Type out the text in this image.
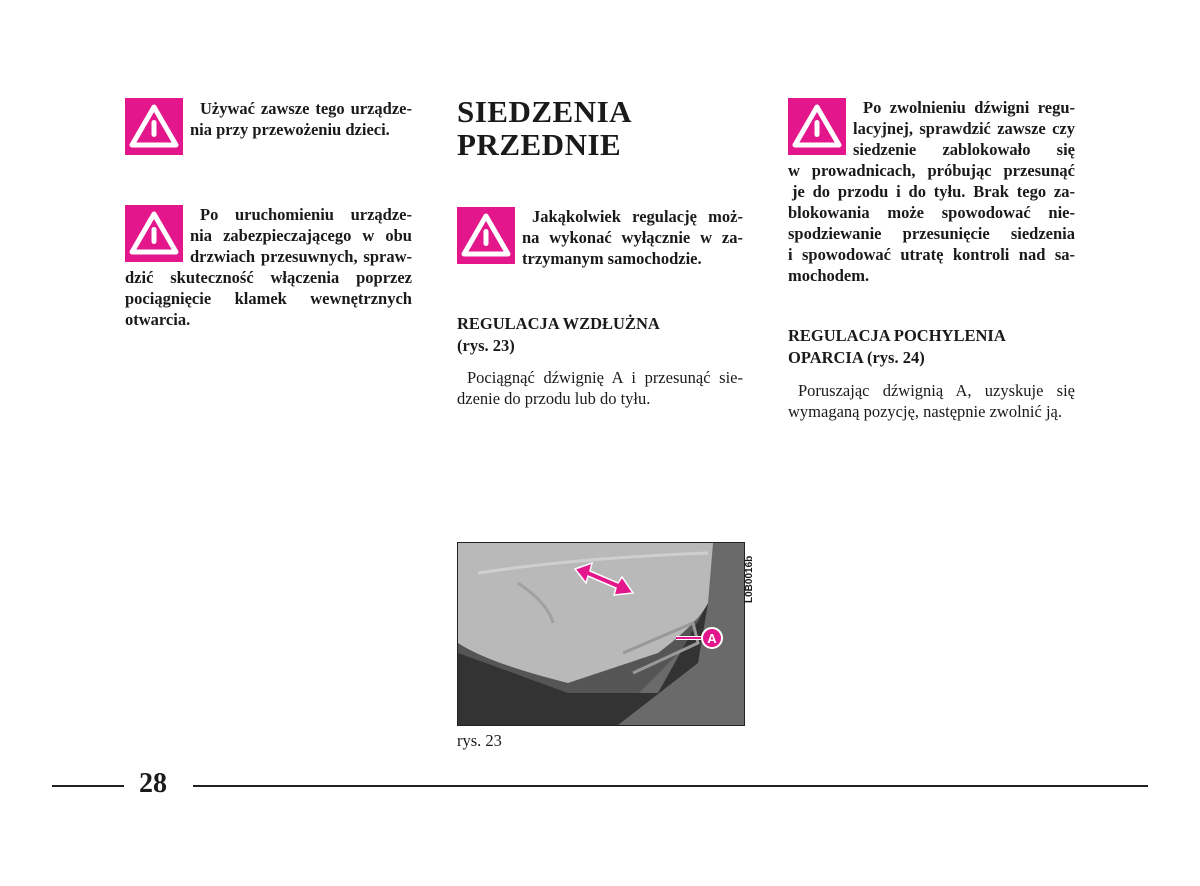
Używać zawsze tego urządze-
nia przy przewożeniu dzieci.
Po uruchomieniu urządze-
nia zabezpieczającego w obu
drzwiach przesuwnych, spraw-
dzić skuteczność włączenia poprzez
pociągnięcie klamek wewnętrznych
otwarcia.
SIEDZENIA
PRZEDNIE
Jakąkolwiek regulację moż-
na wykonać wyłącznie w za-
trzymanym samochodzie.
REGULACJA WZDŁUŻNA
(rys. 23)
Pociągnąć dźwignię A i przesunąć sie-
dzenie do przodu lub do tyłu.
A
L0B0016b
rys. 23
Po zwolnieniu dźwigni regu-
lacyjnej, sprawdzić zawsze czy
siedzenie zablokowało się
w prowadnicach, próbując przesunąć
je do przodu i do tyłu. Brak tego za-
blokowania może spowodować nie-
spodziewanie przesunięcie siedzenia
i spowodować utratę kontroli nad sa-
mochodem.
REGULACJA POCHYLENIA
OPARCIA (rys. 24)
Poruszając dźwignią A, uzyskuje się
wymaganą pozycję, następnie zwolnić ją.
28
